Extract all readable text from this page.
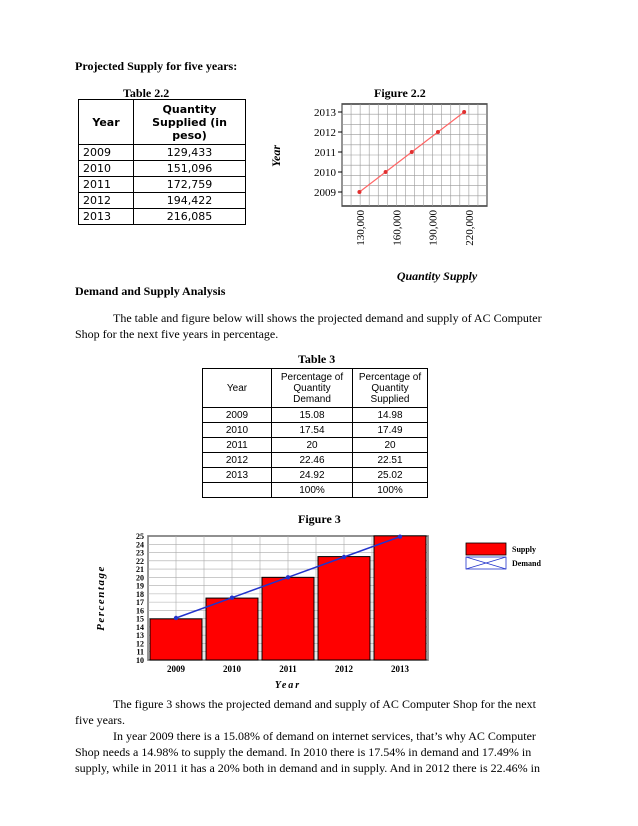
Projected Supply for five years:
Table 2.2
Year	Quantity Supplied (in peso)
2009	129,433
2010	151,096
2011	172,759
2012	194,422
2013	216,085
Figure 2.2
2009
2010
2011
2012
2013
130,000 160,000 190,000 220,000
Year
Quantity Supply
Demand and Supply Analysis
The table and figure below will shows the projected demand and supply of AC Computer
Shop for the next five years in percentage.
Table 3
Year	Percentage of Quantity Demand	Percentage of Quantity Supplied
2009	15.08	14.98
2010	17.54	17.49
2011	20	20
2012	22.46	22.51
2013	24.92	25.02
	100%	100%
Figure 3
10
11
12
13
14
15
16
17
18
19
20
21
22
23
24
25
2009	2010	2011	2012	2013
Year
Percentage
Supply
Demand
The figure 3 shows the projected demand and supply of AC Computer Shop for the next
five years.
In year 2009 there is a 15.08% of demand on internet services, that’s why AC Computer
Shop needs a 14.98% to supply the demand. In 2010 there is 17.54% in demand and 17.49% in
supply, while in 2011 it has a 20% both in demand and in supply. And in 2012 there is 22.46% in
